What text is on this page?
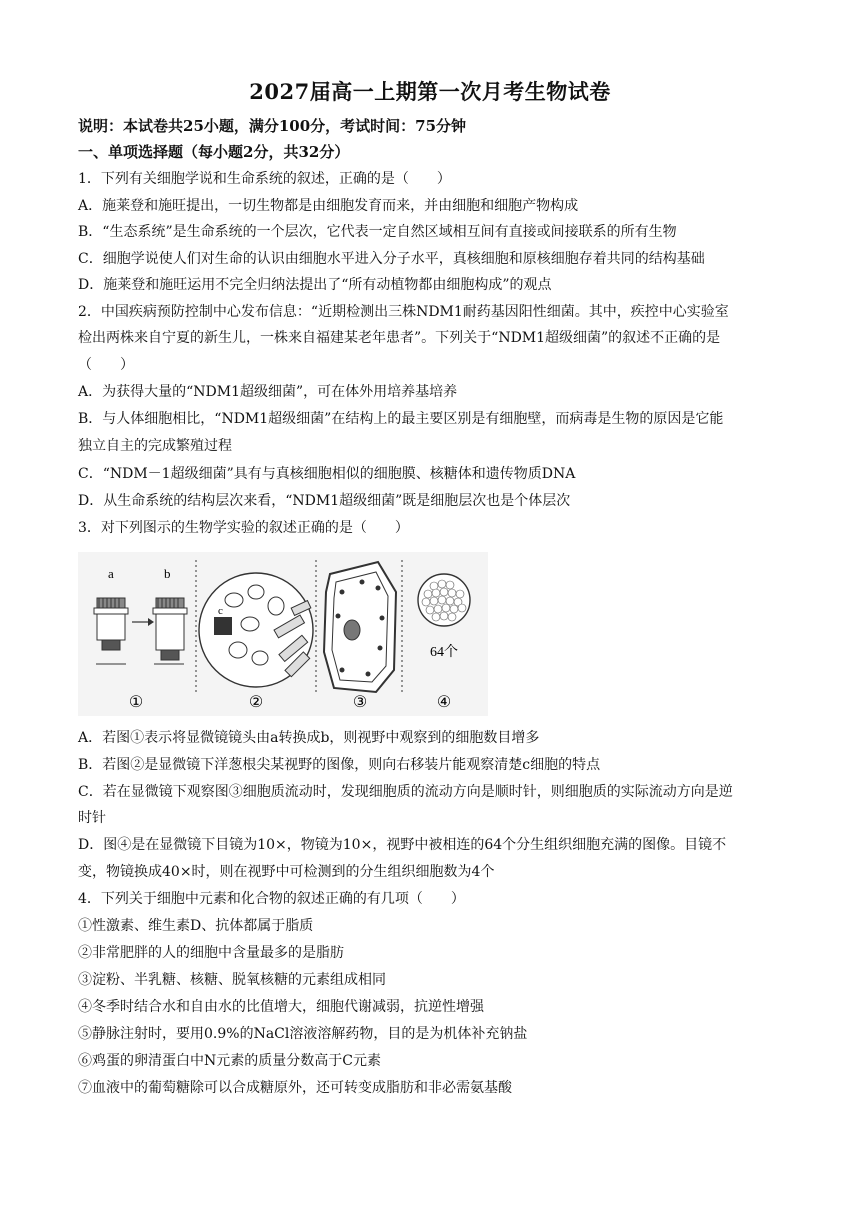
2027届高一上期第一次月考生物试卷
说明：本试卷共25小题，满分100分，考试时间：75分钟
一、单项选择题（每小题2分，共32分）
1．下列有关细胞学说和生命系统的叙述，正确的是（　　）
A．施莱登和施旺提出，一切生物都是由细胞发育而来，并由细胞和细胞产物构成
B．“生态系统”是生命系统的一个层次，它代表一定自然区域相互间有直接或间接联系的所有生物
C．细胞学说使人们对生命的认识由细胞水平进入分子水平，真核细胞和原核细胞存着共同的结构基础
D．施莱登和施旺运用不完全归纳法提出了“所有动植物都由细胞构成”的观点
2．中国疾病预防控制中心发布信息：“近期检测出三株NDM1耐药基因阳性细菌。其中，疾控中心实验室
检出两株来自宁夏的新生儿，一株来自福建某老年患者”。下列关于“NDM1超级细菌”的叙述不正确的是
（　　）
A．为获得大量的“NDM1超级细菌”，可在体外用培养基培养
B．与人体细胞相比，“NDM1超级细菌”在结构上的最主要区别是有细胞壁，而病毒是生物的原因是它能
独立自主的完成繁殖过程
C．“NDM－1超级细菌”具有与真核细胞相似的细胞膜、核糖体和遗传物质DNA
D．从生命系统的结构层次来看，“NDM1超级细菌”既是细胞层次也是个体层次
3．对下列图示的生物学实验的叙述正确的是（　　）
a	b
①
c
②	③
64个
④
A．若图①表示将显微镜镜头由a转换成b，则视野中观察到的细胞数目增多
B．若图②是显微镜下洋葱根尖某视野的图像，则向右移装片能观察清楚c细胞的特点
C．若在显微镜下观察图③细胞质流动时，发现细胞质的流动方向是顺时针，则细胞质的实际流动方向是逆
时针
D．图④是在显微镜下目镜为10×，物镜为10×，视野中被相连的64个分生组织细胞充满的图像。目镜不
变，物镜换成40×时，则在视野中可检测到的分生组织细胞数为4个
4．下列关于细胞中元素和化合物的叙述正确的有几项（　　）
①性激素、维生素D、抗体都属于脂质
②非常肥胖的人的细胞中含量最多的是脂肪
③淀粉、半乳糖、核糖、脱氧核糖的元素组成相同
④冬季时结合水和自由水的比值增大，细胞代谢减弱，抗逆性增强
⑤静脉注射时，要用0.9%的NaCl溶液溶解药物，目的是为机体补充钠盐
⑥鸡蛋的卵清蛋白中N元素的质量分数高于C元素
⑦血液中的葡萄糖除可以合成糖原外，还可转变成脂肪和非必需氨基酸
